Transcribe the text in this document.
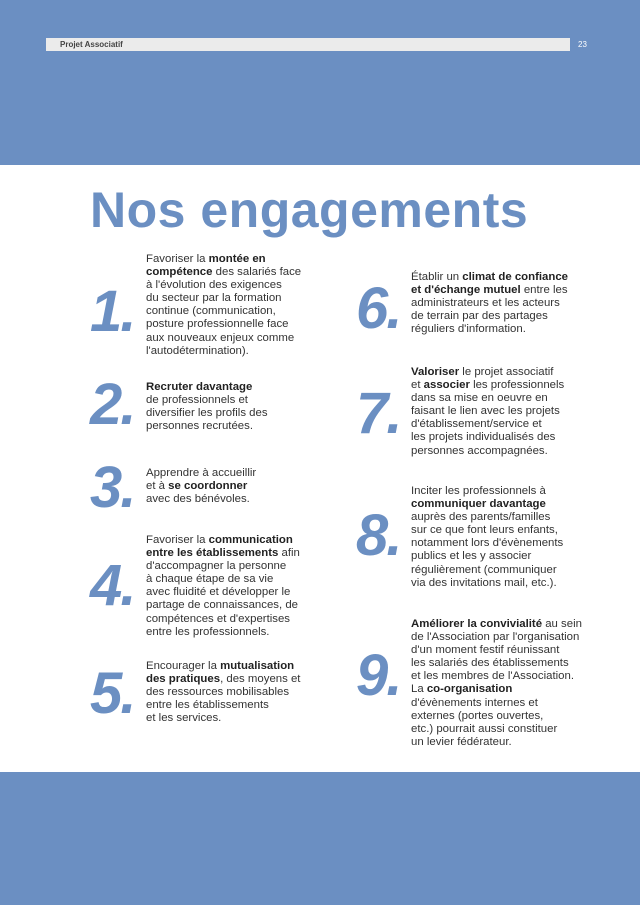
Projet Associatif	23
Nos engagements
1.
Favoriser la montée en
compétence des salariés face
à l'évolution des exigences
du secteur par la formation
continue (communication,
posture professionnelle face
aux nouveaux enjeux comme
l'autodétermination).
2. Recruter davantage
de professionnels et
diversifier les profils des
personnes recrutées.
3. Apprendre à accueillir
et à se coordonner
avec des bénévoles.
4.
Favoriser la communication
entre les établissements afin
d'accompagner la personne
à chaque étape de sa vie
avec fluidité et développer le
partage de connaissances, de
compétences et d'expertises
entre les professionnels.
5. Encourager la mutualisation
des pratiques, des moyens et
des ressources mobilisables
entre les établissements
et les services.
6. Établir un climat de confiance
et d'échange mutuel entre les
administrateurs et les acteurs
de terrain par des partages
réguliers d'information.
7.
Valoriser le projet associatif
et associer les professionnels
dans sa mise en oeuvre en
faisant le lien avec les projets
d'établissement/service et
les projets individualisés des
personnes accompagnées.
8.
Inciter les professionnels à
communiquer davantage
auprès des parents/familles
sur ce que font leurs enfants,
notamment lors d'évènements
publics et les y associer
régulièrement (communiquer
via des invitations mail, etc.).
9.
Améliorer la convivialité au sein
de l'Association par l'organisation
d'un moment festif réunissant
les salariés des établissements
et les membres de l'Association.
La co-organisation
d'évènements internes et
externes (portes ouvertes,
etc.) pourrait aussi constituer
un levier fédérateur.
